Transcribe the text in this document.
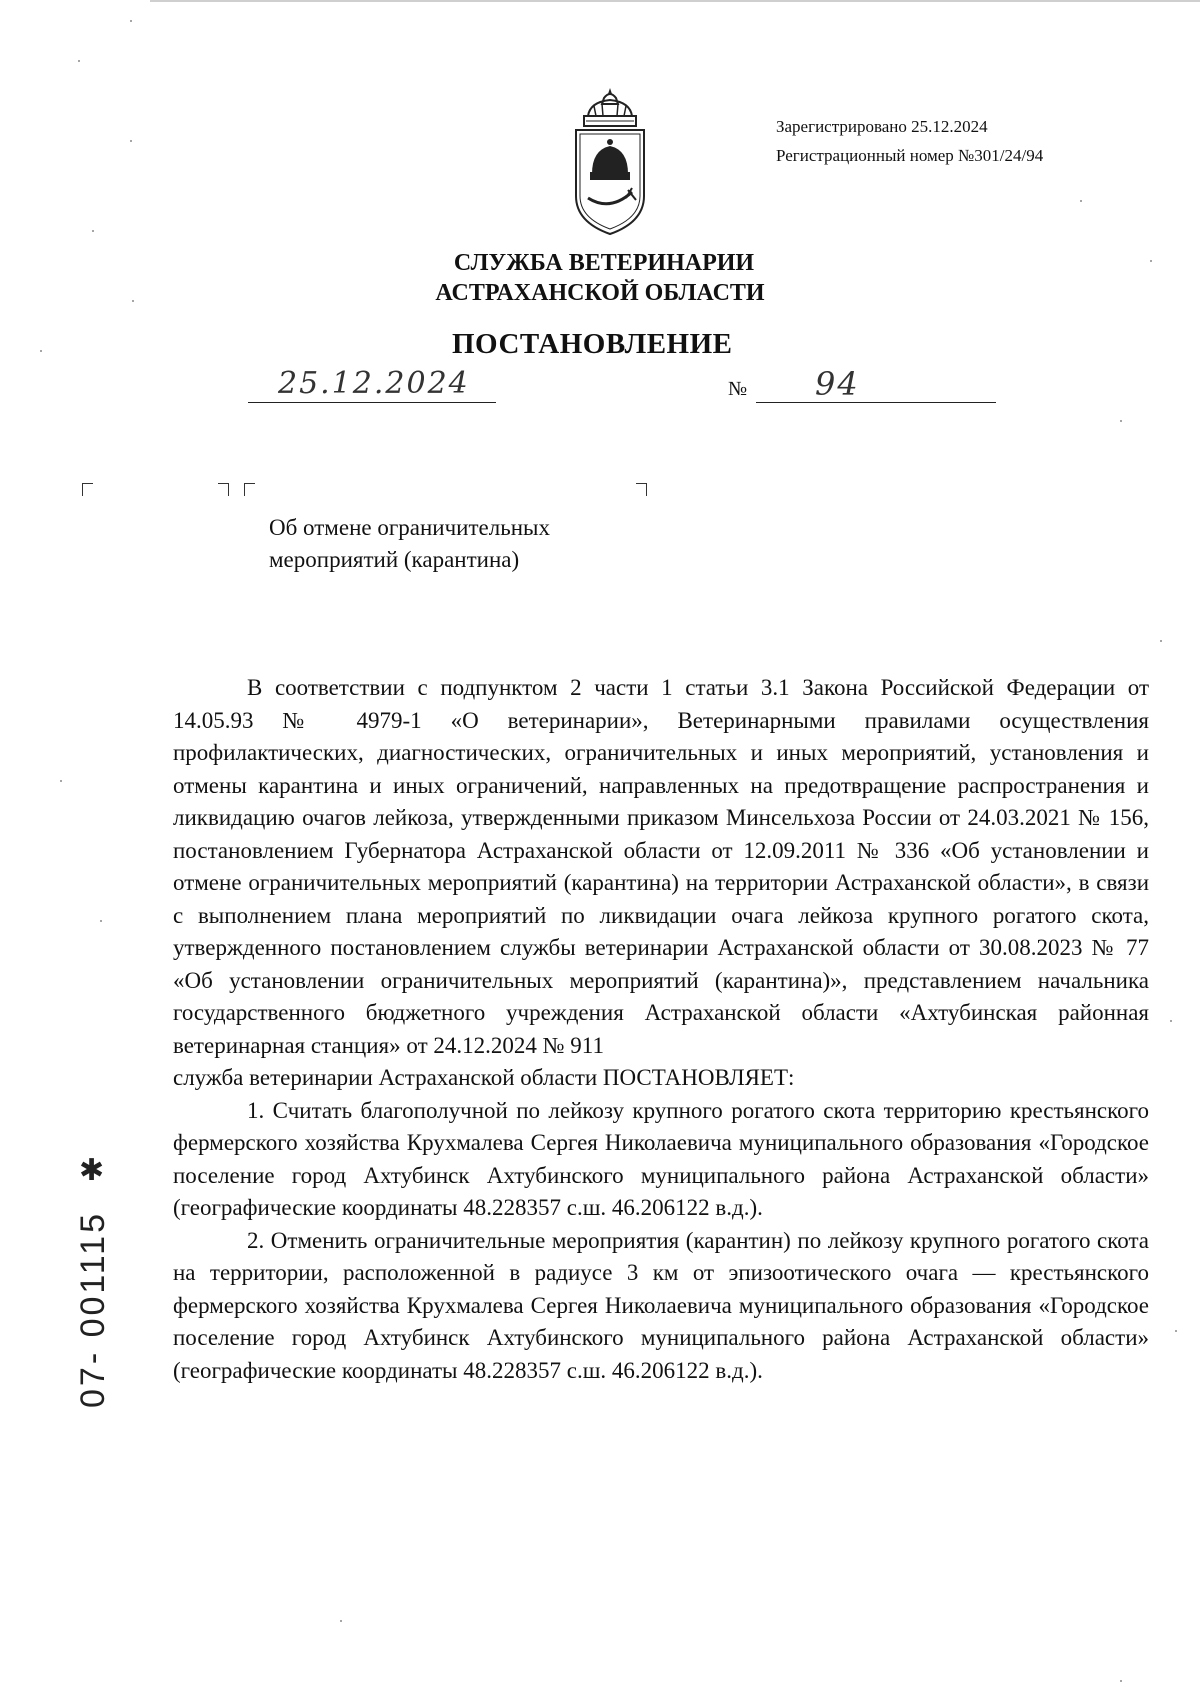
Зарегистрировано 25.12.2024
Регистрационный номер №301/24/94
СЛУЖБА ВЕТЕРИНАРИИ
АСТРАХАНСКОЙ ОБЛАСТИ
ПОСТАНОВЛЕНИЕ
25.12.2024	№ 94
Об отмене ограничительных
мероприятий (карантина)

В соответствии с подпунктом 2 части 1 статьи 3.1 Закона Российской Федерации от 14.05.93 № 4979-1 «О ветеринарии», Ветеринарными правилами осуществления профилактических, диагностических, ограничительных и иных мероприятий, установления и отмены карантина и иных ограничений, направленных на предотвращение распространения и ликвидацию очагов лейкоза, утвержденными приказом Минсельхоза России от 24.03.2021 № 156, постановлением Губернатора Астраханской области от 12.09.2011 № 336 «Об установлении и отмене ограничительных мероприятий (карантина) на территории Астраханской области», в связи с выполнением плана мероприятий по ликвидации очага лейкоза крупного рогатого скота, утвержденного постановлением службы ветеринарии Астраханской области от 30.08.2023 № 77 «Об установлении ограничительных мероприятий (карантина)», представлением начальника государственного бюджетного учреждения Астраханской области «Ахтубинская районная ветеринарная станция» от 24.12.2024 № 911

служба ветеринарии Астраханской области ПОСТАНОВЛЯЕТ:

1. Считать благополучной по лейкозу крупного рогатого скота территорию крестьянского фермерского хозяйства Крухмалева Сергея Николаевича муниципального образования «Городское поселение город Ахтубинск Ахтубинского муниципального района Астраханской области» (географические координаты 48.228357 с.ш. 46.206122 в.д.).

2. Отменить ограничительные мероприятия (карантин) по лейкозу крупного рогатого скота на территории, расположенной в радиусе 3 км от эпизоотического очага — крестьянского фермерского хозяйства Крухмалева Сергея Николаевича муниципального образования «Городское поселение город Ахтубинск Ахтубинского муниципального района Астраханской области» (географические координаты 48.228357 с.ш. 46.206122 в.д.).

✱
07- 001115
